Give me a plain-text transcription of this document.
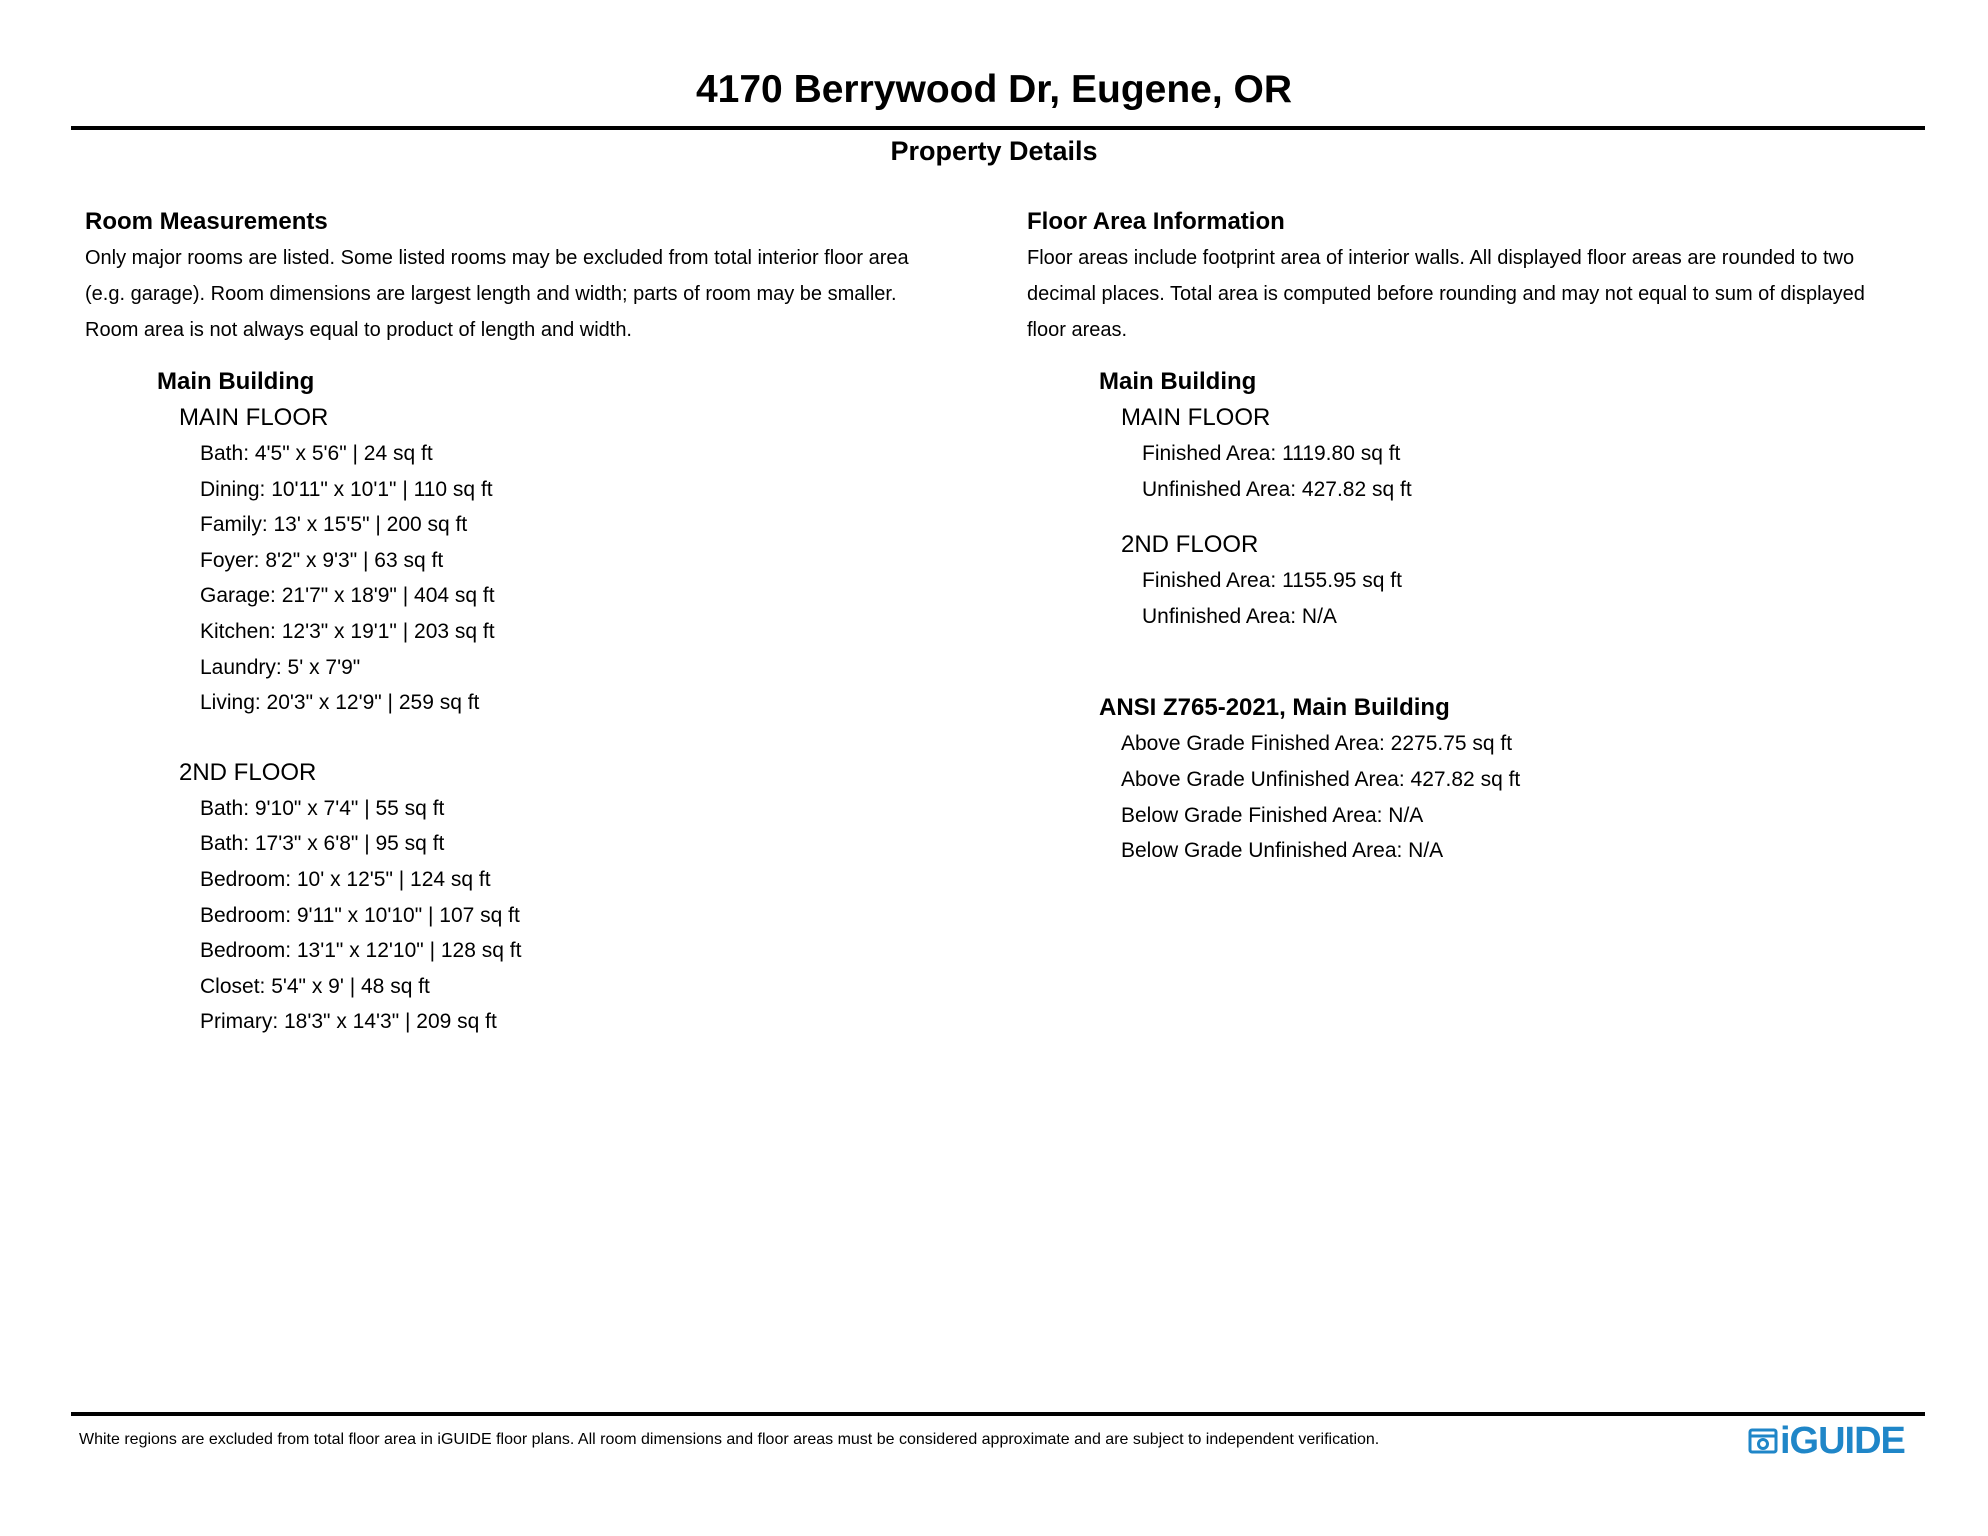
4170 Berrywood Dr, Eugene, OR
Property Details
Room Measurements

Only major rooms are listed. Some listed rooms may be excluded from total interior floor area
(e.g. garage). Room dimensions are largest length and width; parts of room may be smaller.
Room area is not always equal to product of length and width.

Main Building
MAIN FLOOR
Bath: 4'5" x 5'6" | 24 sq ft
Dining: 10'11" x 10'1" | 110 sq ft
Family: 13' x 15'5" | 200 sq ft
Foyer: 8'2" x 9'3" | 63 sq ft
Garage: 21'7" x 18'9" | 404 sq ft
Kitchen: 12'3" x 19'1" | 203 sq ft
Laundry: 5' x 7'9"
Living: 20'3" x 12'9" | 259 sq ft
2ND FLOOR
Bath: 9'10" x 7'4" | 55 sq ft
Bath: 17'3" x 6'8" | 95 sq ft
Bedroom: 10' x 12'5" | 124 sq ft
Bedroom: 9'11" x 10'10" | 107 sq ft
Bedroom: 13'1" x 12'10" | 128 sq ft
Closet: 5'4" x 9' | 48 sq ft
Primary: 18'3" x 14'3" | 209 sq ft
Floor Area Information

Floor areas include footprint area of interior walls. All displayed floor areas are rounded to two
decimal places. Total area is computed before rounding and may not equal to sum of displayed
floor areas.

Main Building
MAIN FLOOR
Finished Area: 1119.80 sq ft
Unfinished Area: 427.82 sq ft
2ND FLOOR
Finished Area: 1155.95 sq ft
Unfinished Area: N/A
ANSI Z765-2021, Main Building
Above Grade Finished Area: 2275.75 sq ft
Above Grade Unfinished Area: 427.82 sq ft
Below Grade Finished Area: N/A
Below Grade Unfinished Area: N/A
White regions are excluded from total floor area in iGUIDE floor plans. All room dimensions and floor areas must be considered approximate and are subject to independent verification.	iGUIDE
